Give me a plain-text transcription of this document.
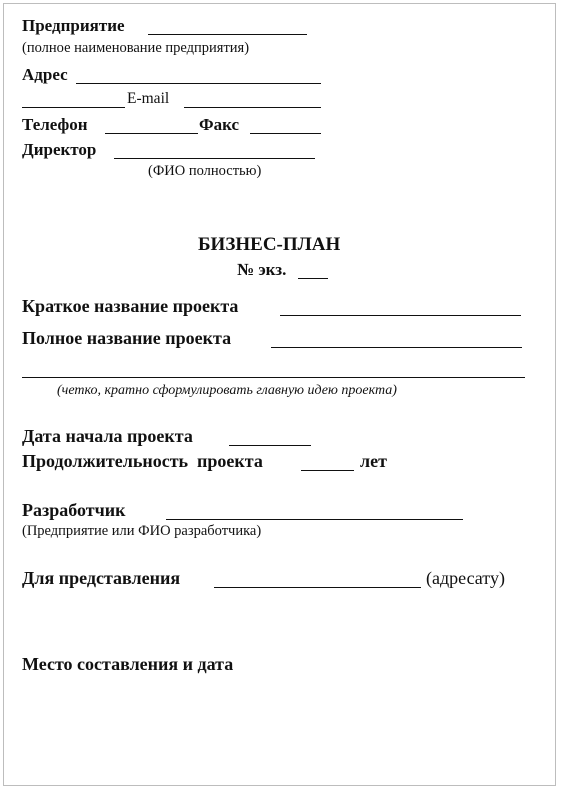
Предприятие
(полное наименование предприятия)
Адрес
E-mail
Телефон	Факс
Директор
(ФИО полностью)
БИЗНЕС-ПЛАН
№ экз.
Краткое название проекта
Полное название проекта
(четко, кратно сформулировать главную идею проекта)
Дата начала проекта
Продолжительность  проекта	лет
Разработчик
(Предприятие или ФИО разработчика)
Для представления	(адресату)
Место составления и дата
